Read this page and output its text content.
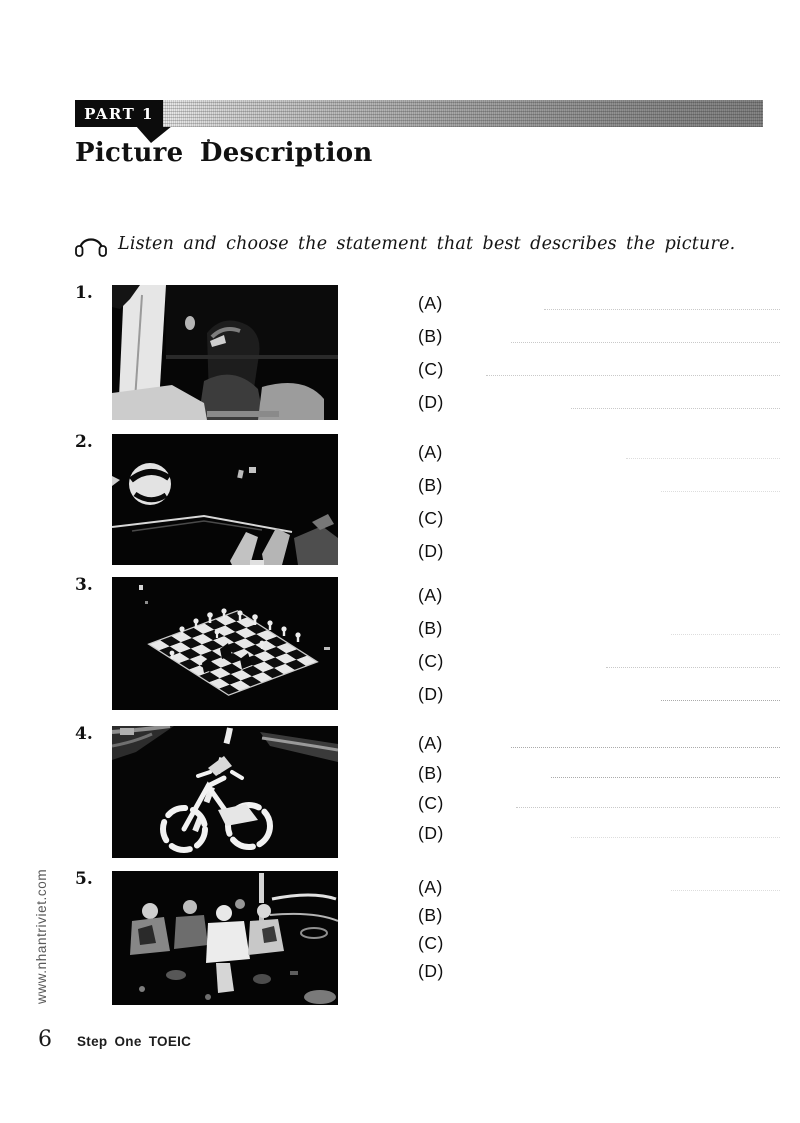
PART 1
Picture Description
Listen and choose the statement that best describes the picture.
1.	(A)
(B)
(C)
(D)
2.	(A)
(B)
(C)
(D)
3.	(A)
(B)
(C)
(D)
4.	(A)
(B)
(C)
(D)
5.	(A)
(B)
(C)
(D)
www.nhantriviet.com
6 Step One TOEIC
